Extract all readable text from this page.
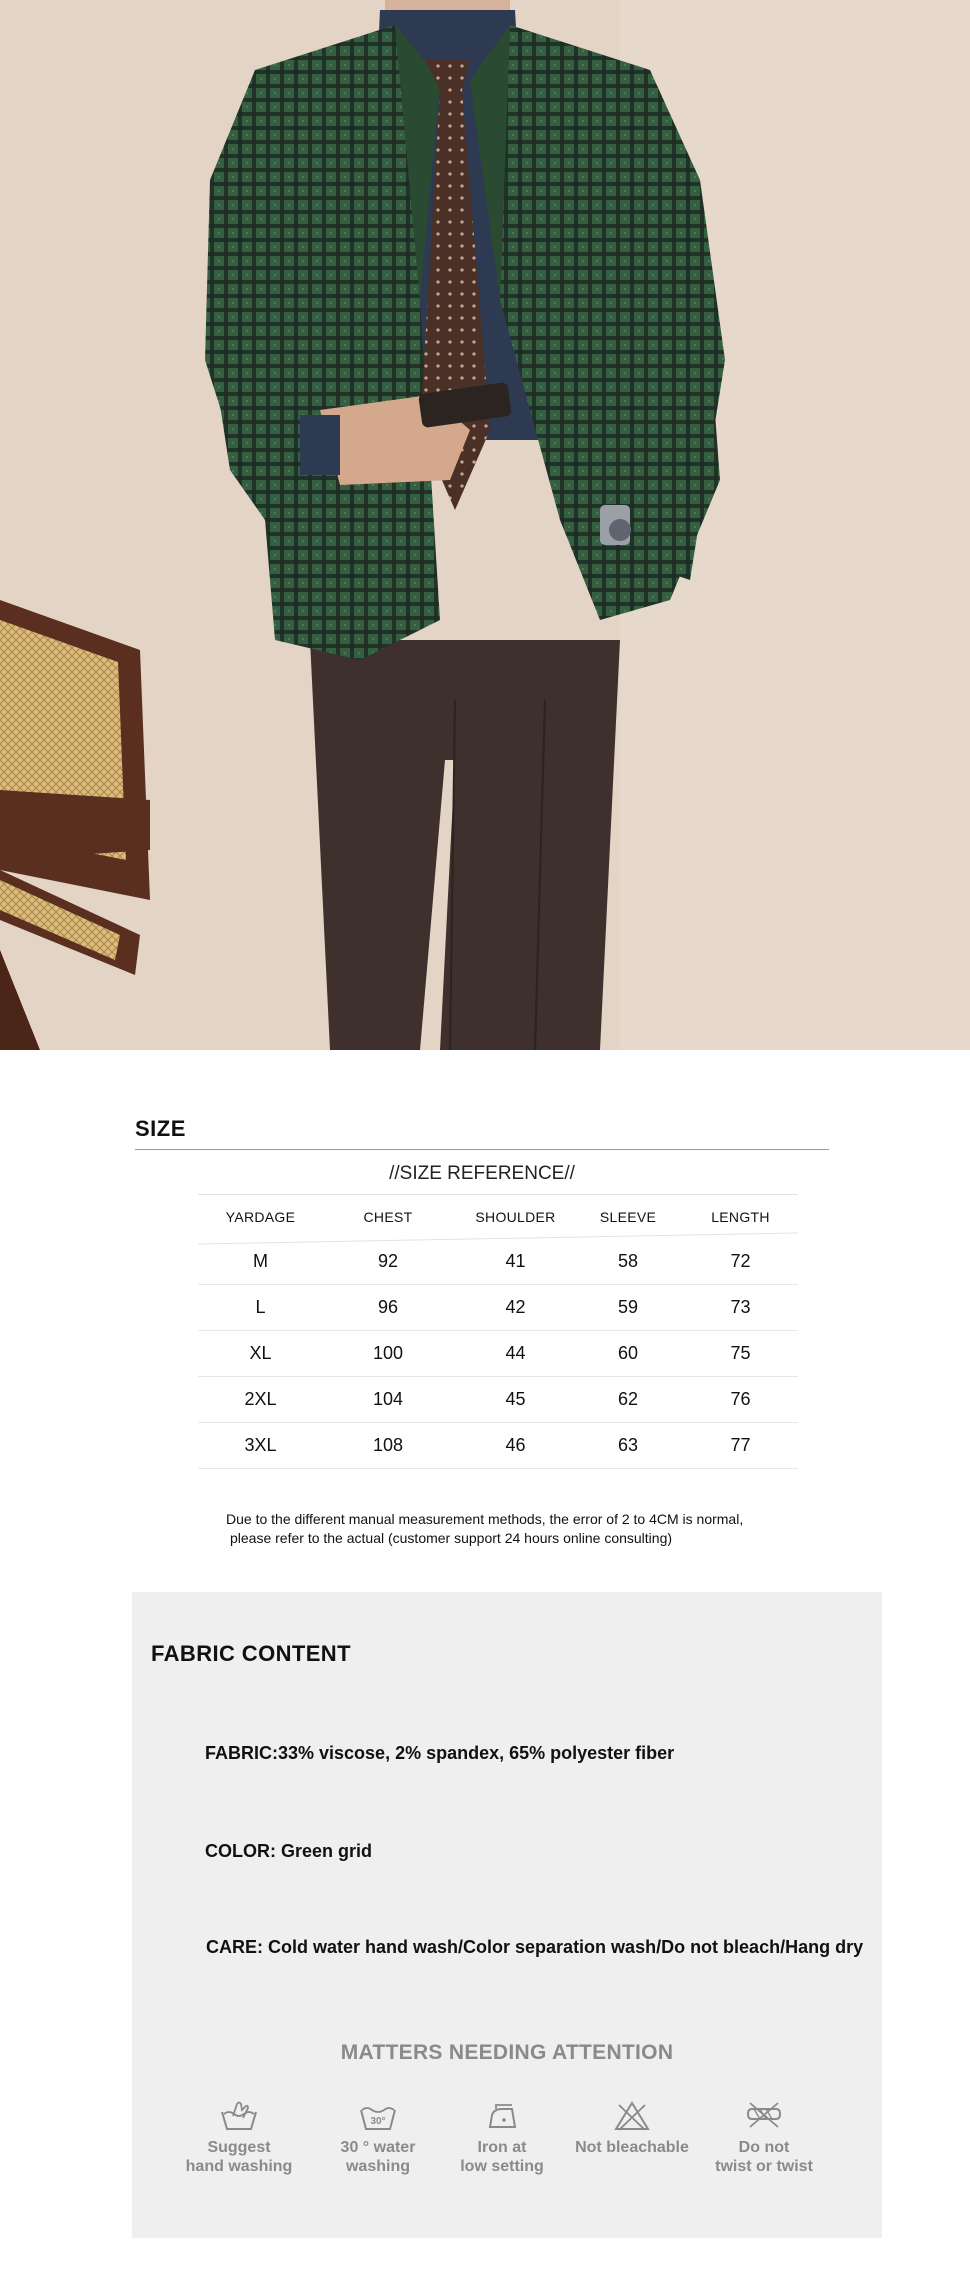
SIZE
//SIZE REFERENCE//
YARDAGE	CHEST	SHOULDER	SLEEVE	LENGTH
M	92	41	58	72
L	96	42	59	73
XL	100	44	60	75
2XL	104	45	62	76
3XL	108	46	63	77
Due to the different manual measurement methods, the error of 2 to 4CM is normal,
please refer to the actual (customer support 24 hours online consulting)
FABRIC CONTENT
FABRIC:33% viscose, 2% spandex, 65% polyester fiber
COLOR: Green grid
CARE: Cold water hand wash/Color separation wash/Do not bleach/Hang dry
MATTERS NEEDING ATTENTION
Suggest
hand washing
30°
30 ° water
washing
Iron at
low setting
Not bleachable	Do not
twist or twist
